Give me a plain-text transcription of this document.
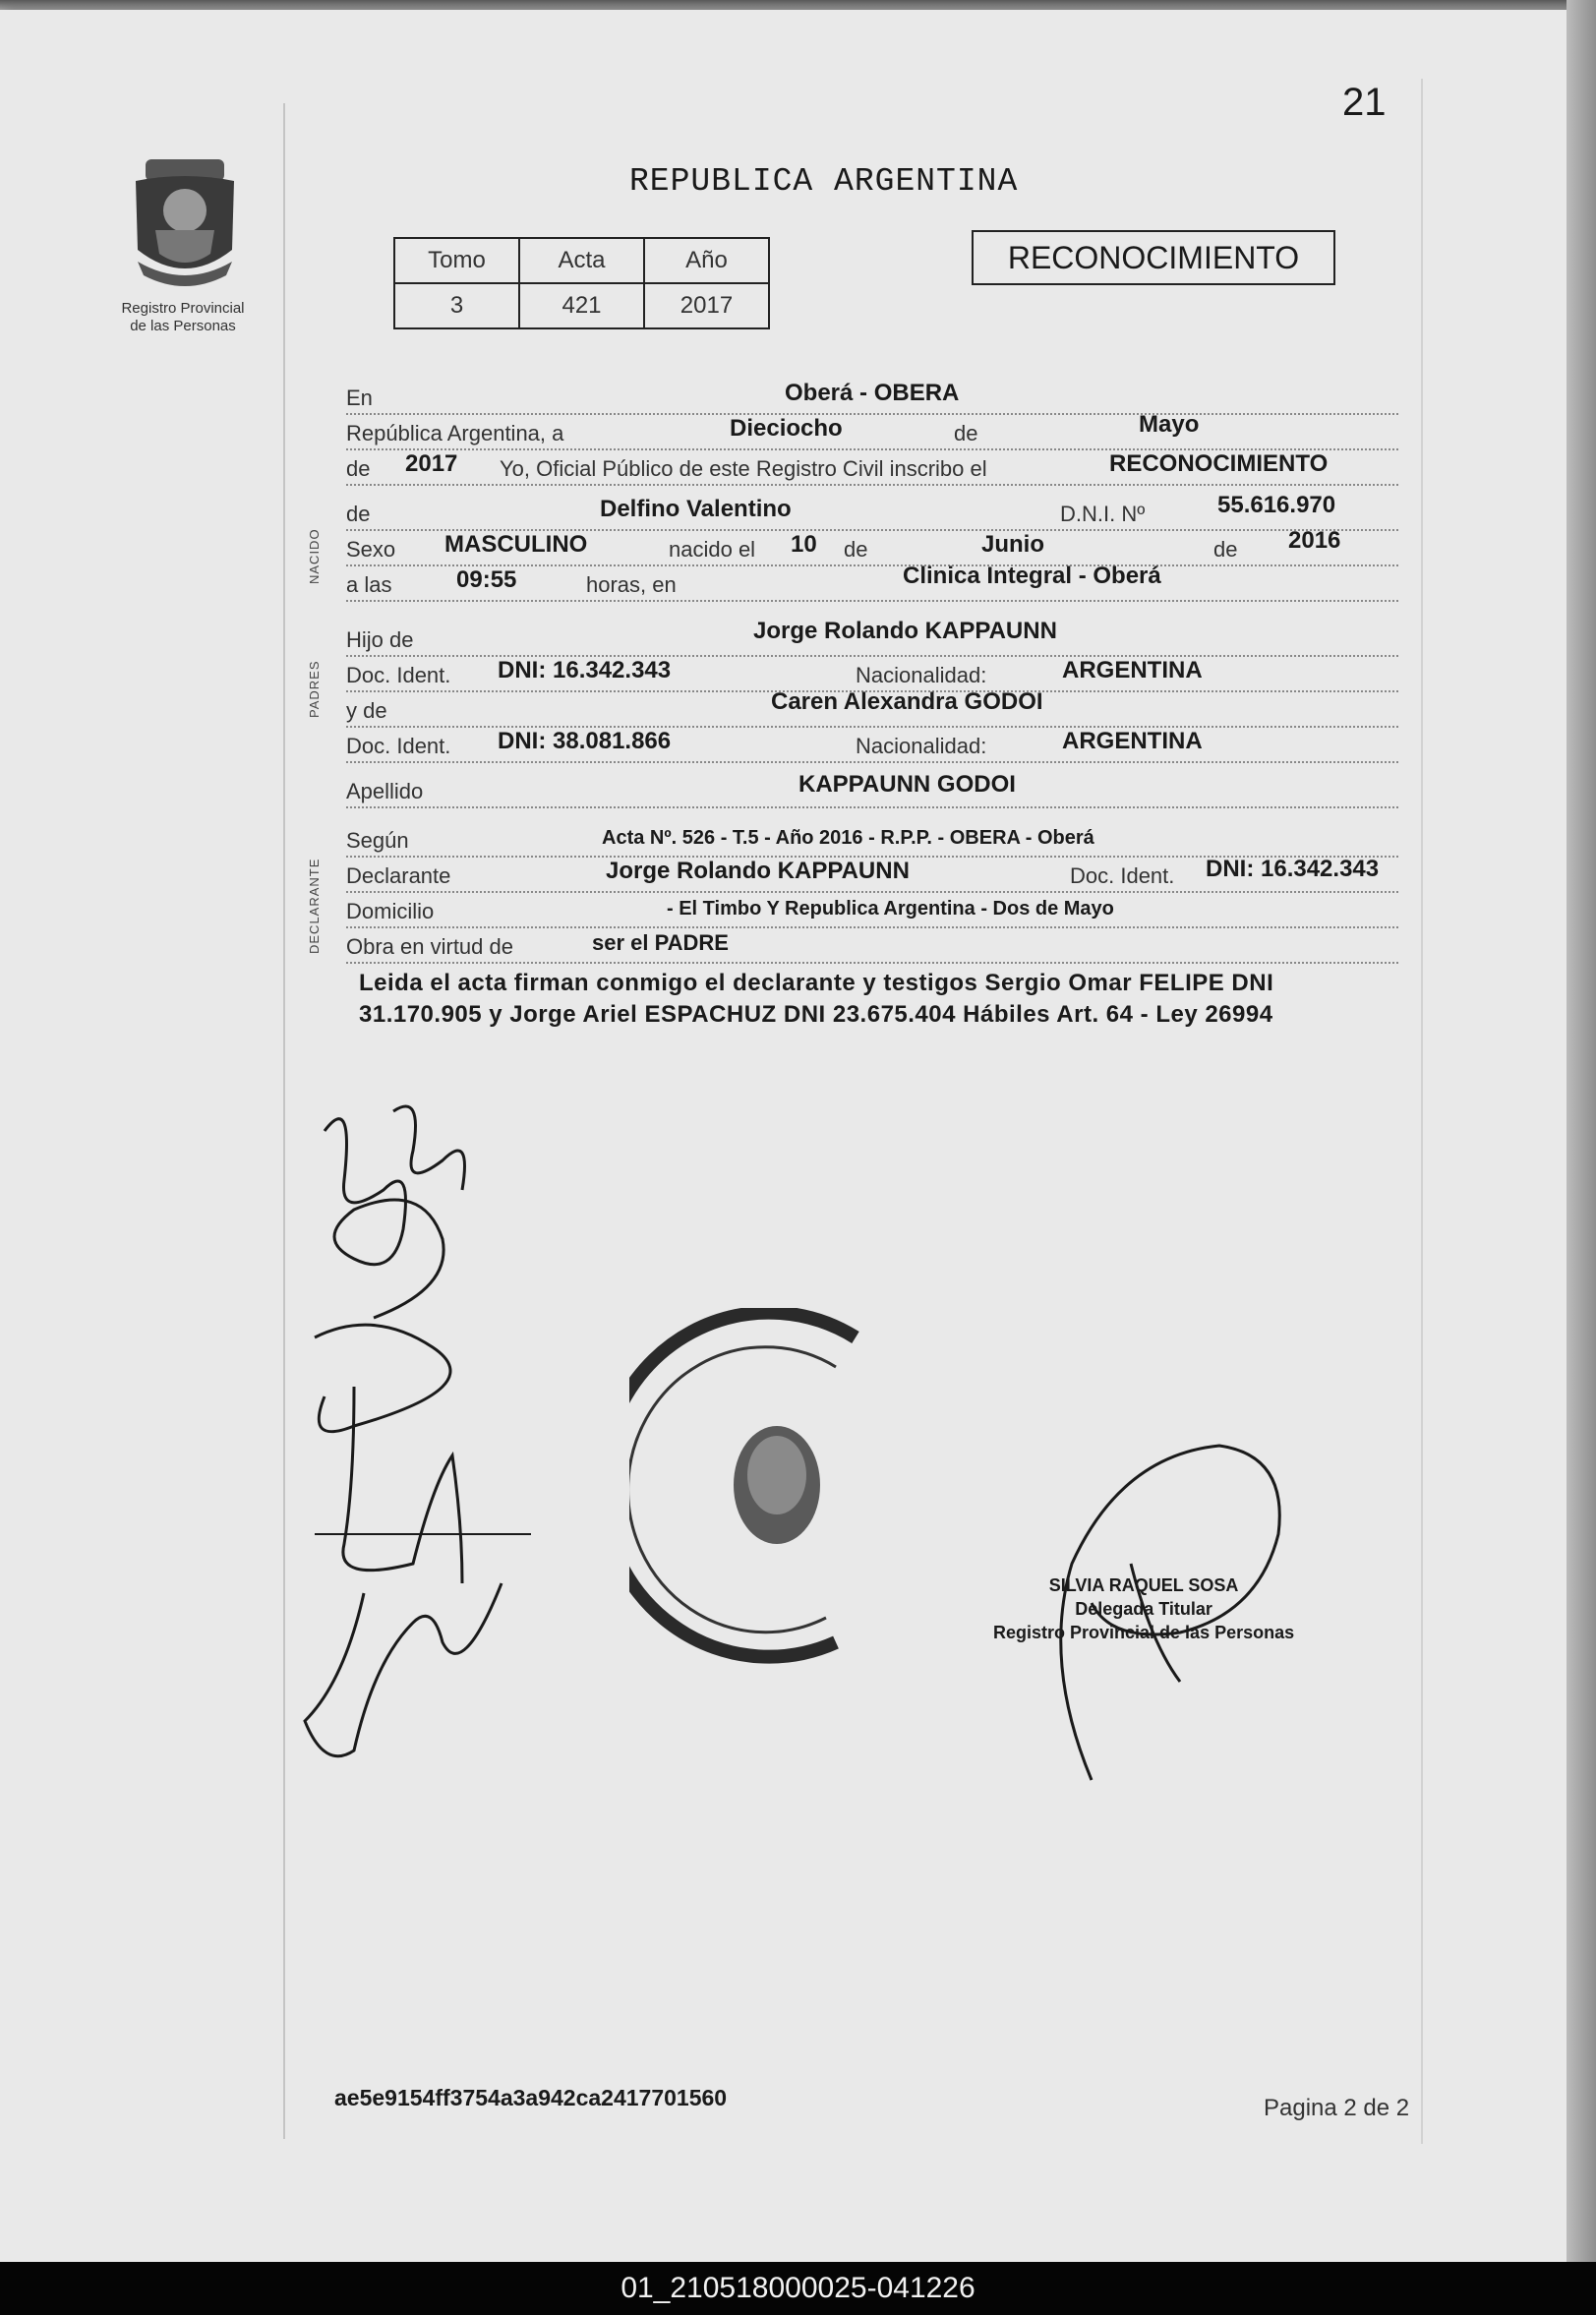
21
Registro Provincial
de las Personas
REPUBLICA ARGENTINA
RECONOCIMIENTO
Tomo	Acta	Año
3	421	2017
NACIDO
PADRES
DECLARANTE
En	Oberá - OBERA
República Argentina, a	Dieciocho	de	Mayo
de 2017 Yo, Oficial Público de este Registro Civil inscribo el	RECONOCIMIENTO
de	Delfino Valentino	D.N.I. Nº	55.616.970
Sexo MASCULINO	nacido el 10 de	Junio	de 2016
a las	09:55	horas, en	Clinica Integral - Oberá
Hijo de	Jorge Rolando KAPPAUNN
Doc. Ident. DNI: 16.342.343	Nacionalidad:	ARGENTINA
y de	Caren Alexandra GODOI
Doc. Ident. DNI: 38.081.866	Nacionalidad:	ARGENTINA
Apellido	KAPPAUNN GODOI
Según	Acta Nº. 526 - T.5 - Año 2016 - R.P.P. - OBERA - Oberá
Declarante	Jorge Rolando KAPPAUNN	Doc. Ident. DNI: 16.342.343
Domicilio	- El Timbo Y Republica Argentina - Dos de Mayo
Obra en virtud de	ser el PADRE
Leida el acta firman conmigo el declarante y testigos Sergio Omar FELIPE DNI 31.170.905 y Jorge Ariel ESPACHUZ DNI 23.675.404 Hábiles Art. 64 - Ley 26994
SILVIA RAQUEL SOSA
Delegada Titular
Registro Provincial de las Personas
ae5e9154ff3754a3a942ca2417701560	Pagina 2 de 2
01_210518000025-041226
